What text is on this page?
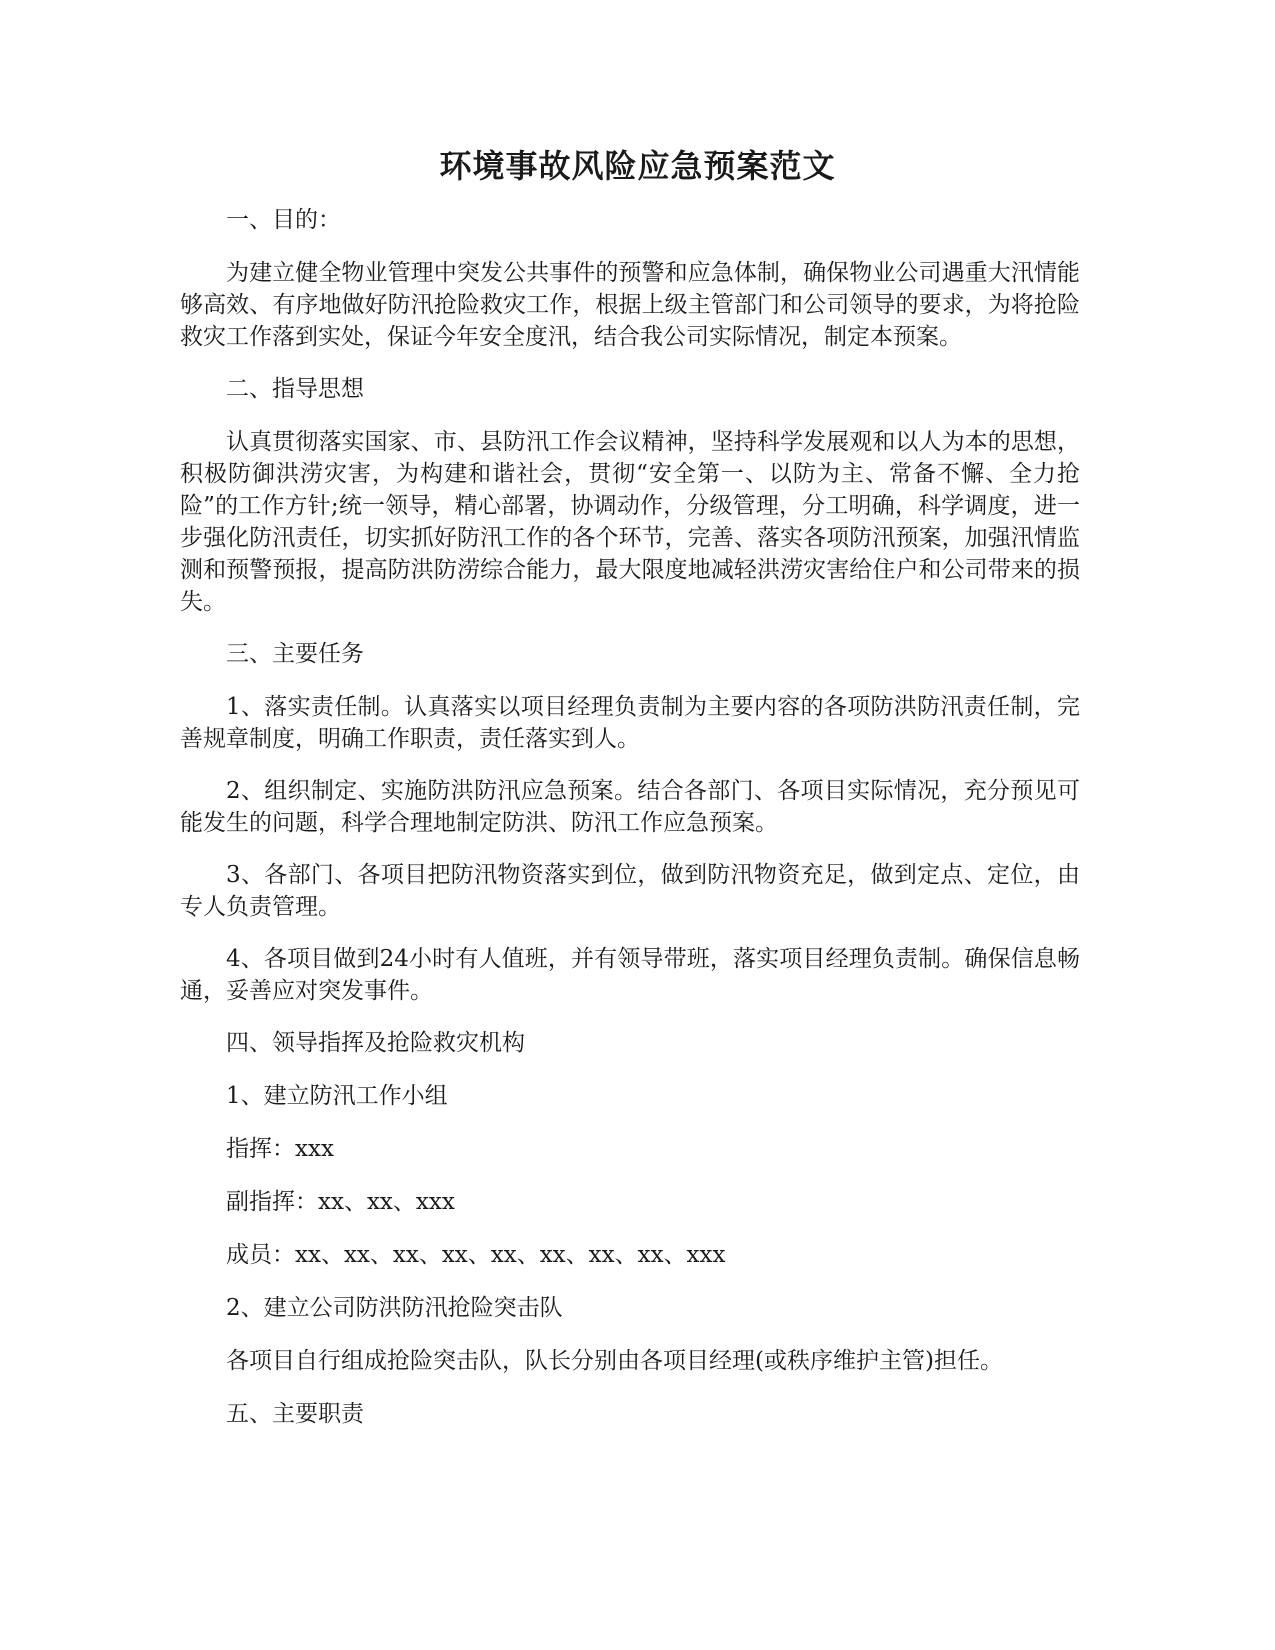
环境事故风险应急预案范文

一、目的：

为建立健全物业管理中突发公共事件的预警和应急体制，确保物业公司遇重大汛情能够高效、有序地做好防汛抢险救灾工作，根据上级主管部门和公司领导的要求，为将抢险救灾工作落到实处，保证今年安全度汛，结合我公司实际情况，制定本预案。

二、指导思想

认真贯彻落实国家、市、县防汛工作会议精神，坚持科学发展观和以人为本的思想，积极防御洪涝灾害，为构建和谐社会，贯彻“安全第一、以防为主、常备不懈、全力抢险”的工作方针;统一领导，精心部署，协调动作，分级管理，分工明确，科学调度，进一步强化防汛责任，切实抓好防汛工作的各个环节，完善、落实各项防汛预案，加强汛情监测和预警预报，提高防洪防涝综合能力，最大限度地减轻洪涝灾害给住户和公司带来的损失。

三、主要任务

1、落实责任制。认真落实以项目经理负责制为主要内容的各项防洪防汛责任制，完善规章制度，明确工作职责，责任落实到人。

2、组织制定、实施防洪防汛应急预案。结合各部门、各项目实际情况，充分预见可能发生的问题，科学合理地制定防洪、防汛工作应急预案。

3、各部门、各项目把防汛物资落实到位，做到防汛物资充足，做到定点、定位，由专人负责管理。

4、各项目做到24小时有人值班，并有领导带班，落实项目经理负责制。确保信息畅通，妥善应对突发事件。

四、领导指挥及抢险救灾机构

1、建立防汛工作小组

指挥：xxx

副指挥：xx、xx、xxx

成员：xx、xx、xx、xx、xx、xx、xx、xx、xxx

2、建立公司防洪防汛抢险突击队

各项目自行组成抢险突击队，队长分别由各项目经理(或秩序维护主管)担任。

五、主要职责
